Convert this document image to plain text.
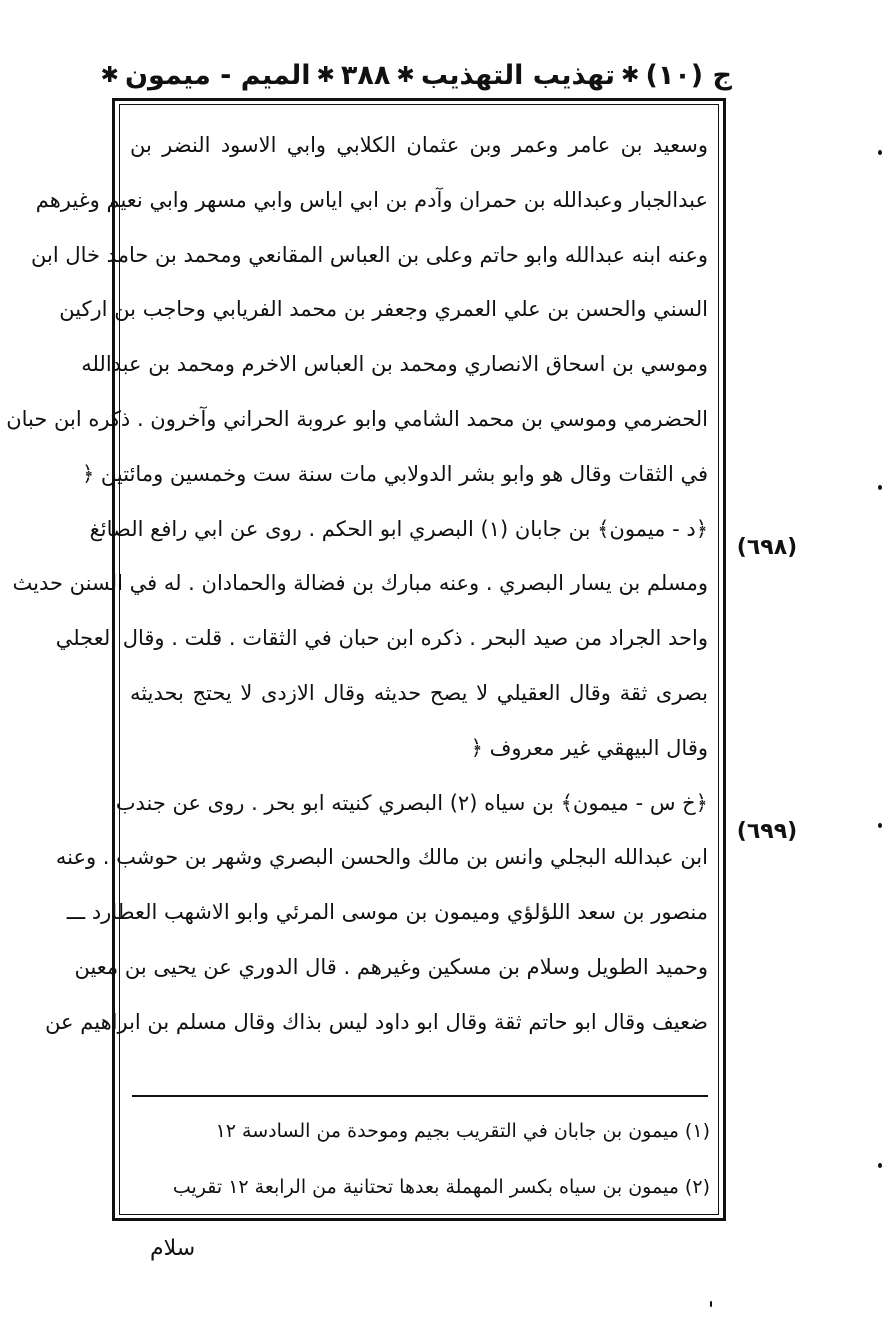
ج (١٠)
✱
تهذيب التهذيب
✱
٣٨٨
✱
الميم - ميمون
✱
وسعيد بن عامر وعمر وبن عثمان الكلابي وابي الاسود النضر بن
عبدالجبار وعبدالله بن حمران وآدم بن ابي اياس وابي مسهر وابي نعيم وغيرهم
وعنه ابنه عبدالله وابو حاتم وعلى بن العباس المقانعي ومحمد بن حامد خال ابن
السني والحسن بن علي العمري وجعفر بن محمد الفريابي وحاجب بن اركين
وموسي بن اسحاق الانصاري ومحمد بن العباس الاخرم ومحمد بن عبدالله
الحضرمي وموسي بن محمد الشامي وابو عروبة الحراني وآخرون . ذكره ابن حبان
في الثقات وقال هو وابو بشر الدولابي مات سنة ست وخمسين ومائتين ﴿
﴿د - ميمون﴾ بن جابان (١) البصري ابو الحكم . روى عن ابي رافع الصائغ
ومسلم بن يسار البصري . وعنه مبارك بن فضالة والحمادان . له في السنن حديث
واحد الجراد من صيد البحر . ذكره ابن حبان في الثقات . قلت . وقال العجلي
بصرى ثقة وقال العقيلي لا يصح حديثه وقال الازدى لا يحتج بحديثه
وقال البيهقي غير معروف ﴿
﴿خ س - ميمون﴾ بن سياه (٢) البصري كنيته ابو بحر . روى عن جندب
ابن عبدالله البجلي وانس بن مالك والحسن البصري وشهر بن حوشب . وعنه
منصور بن سعد اللؤلؤي وميمون بن موسى المرئي وابو الاشهب العطارد ـــ
وحميد الطويل وسلام بن مسكين وغيرهم . قال الدوري عن يحيى بن معين
ضعيف وقال ابو حاتم ثقة وقال ابو داود ليس بذاك وقال مسلم بن ابراهيم عن
(٦٩٨)
(٦٩٩)
(١) ميمون بن جابان في التقريب بجيم وموحدة من السادسة ١٢
(٢) ميمون بن سياه بكسر المهملة بعدها تحتانية من الرابعة ١٢ تقريب
سلام
